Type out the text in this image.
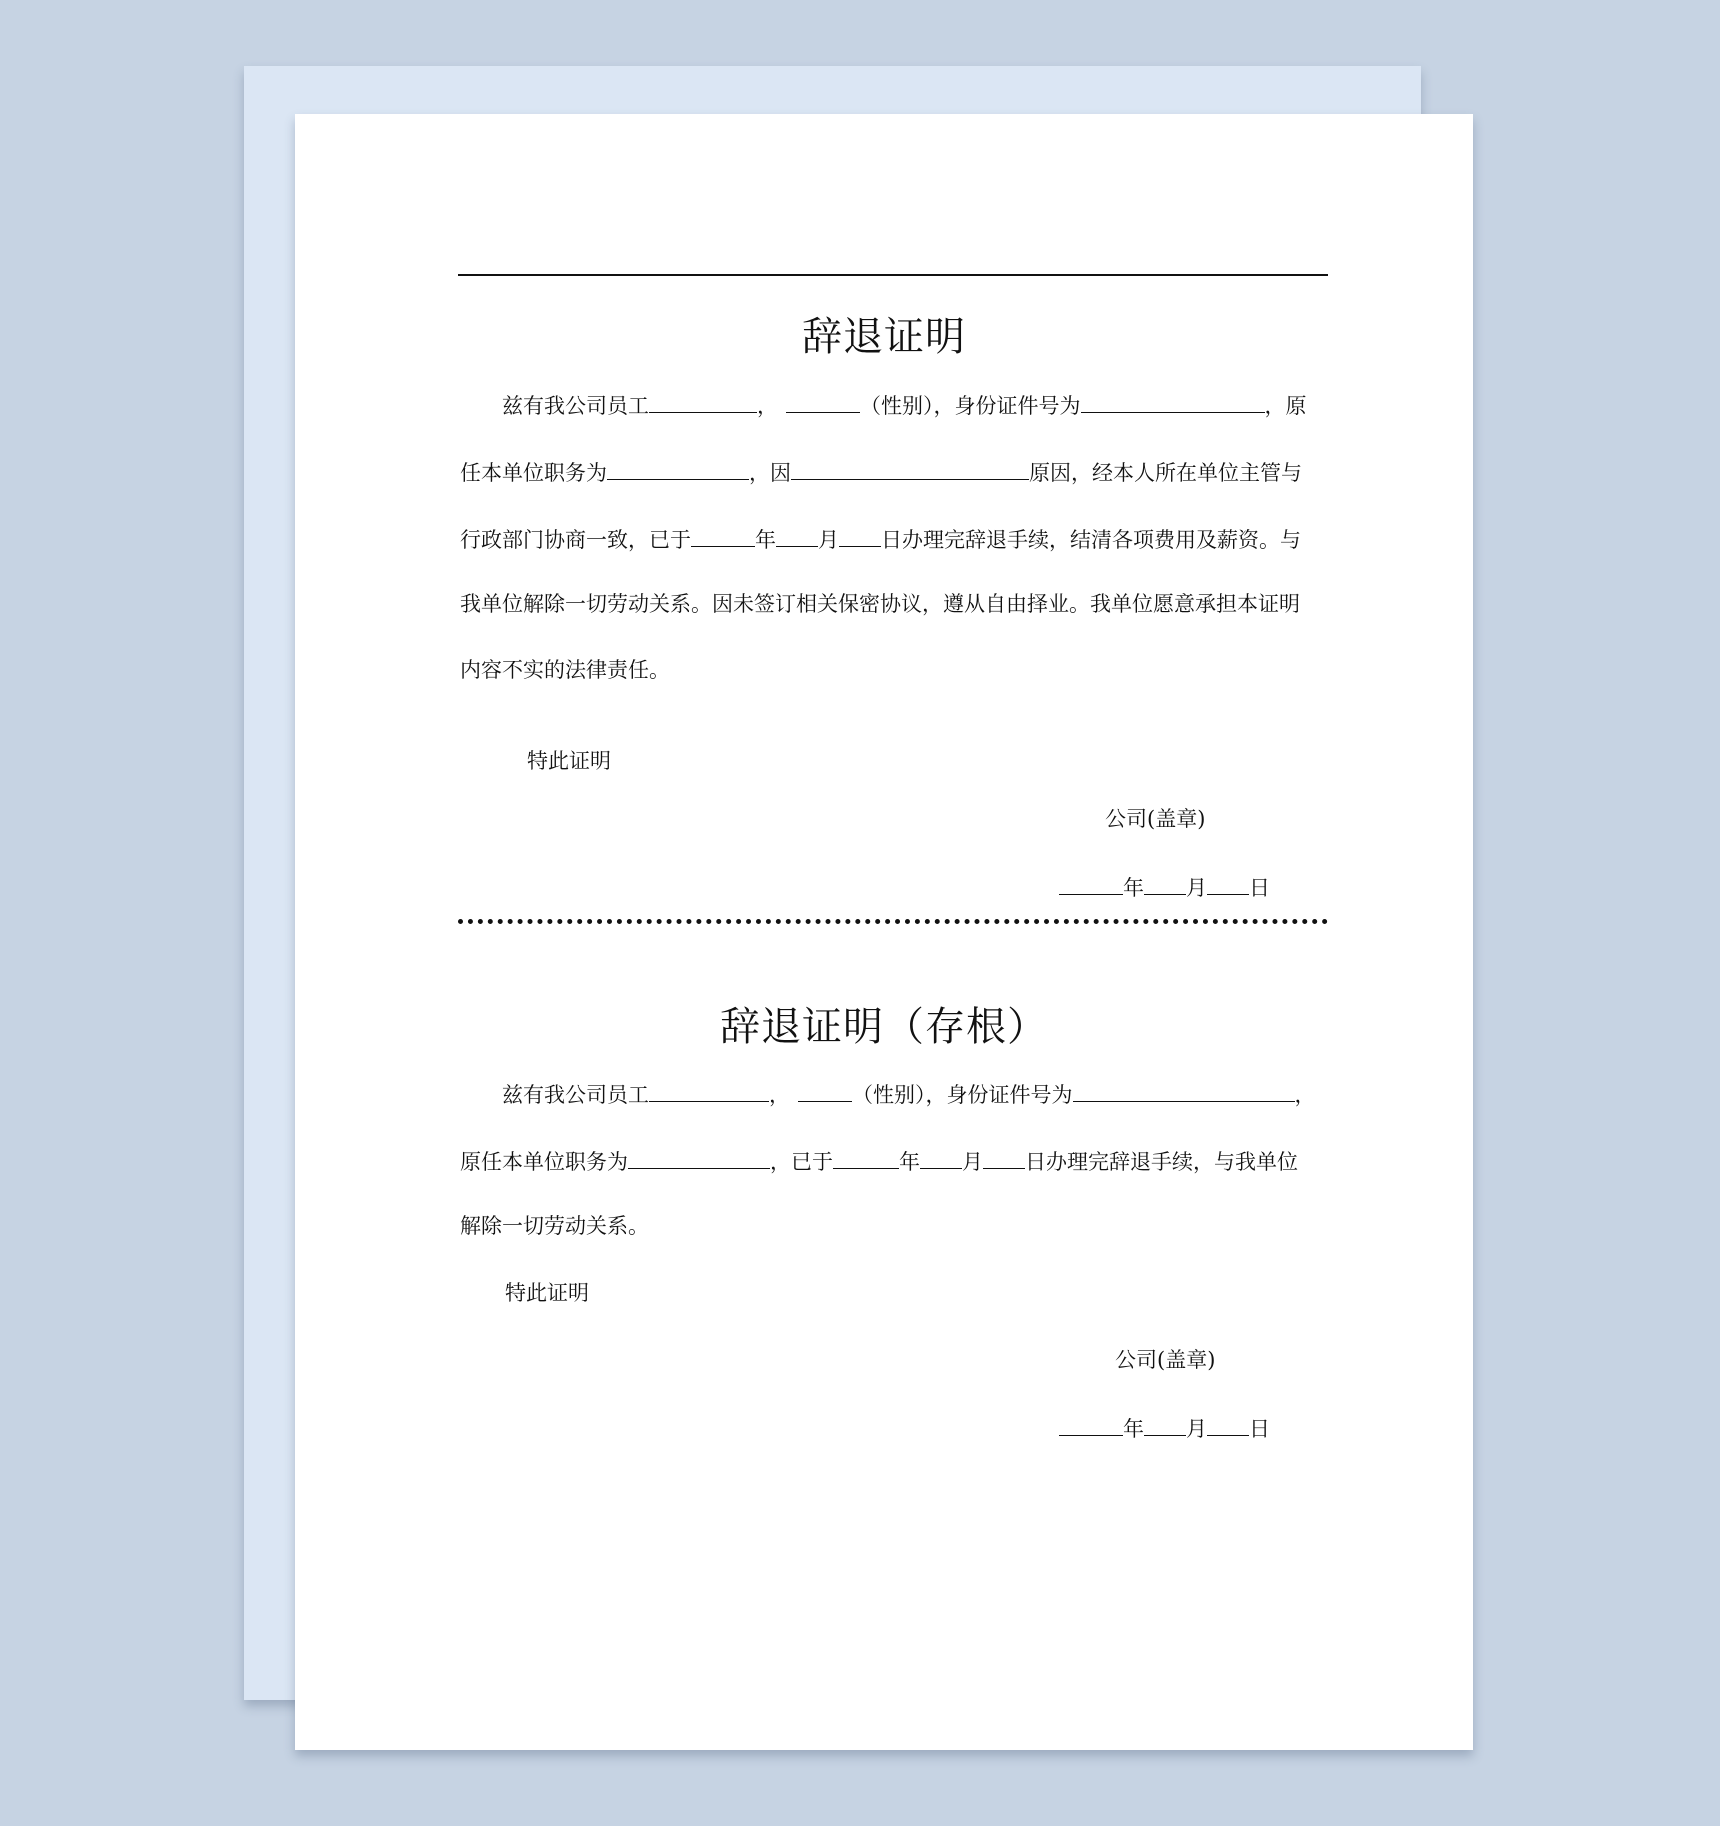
辞退证明
兹有我公司员工	，	（性别），身份证件号为	，原
任本单位职务为	，因	原因，经本人所在单位主管与
行政部门协商一致，已于	年 月 日办理完辞退手续，结清各项费用及薪资。与
我单位解除一切劳动关系。因未签订相关保密协议，遵从自由择业。我单位愿意承担本证明
内容不实的法律责任。
特此证明
公司(盖章)
年 月 日
辞退证明（存根）
兹有我公司员工	，	（性别），身份证件号为	，
原任本单位职务为	，已于	年 月 日办理完辞退手续，与我单位
解除一切劳动关系。
特此证明
公司(盖章)
年 月 日
